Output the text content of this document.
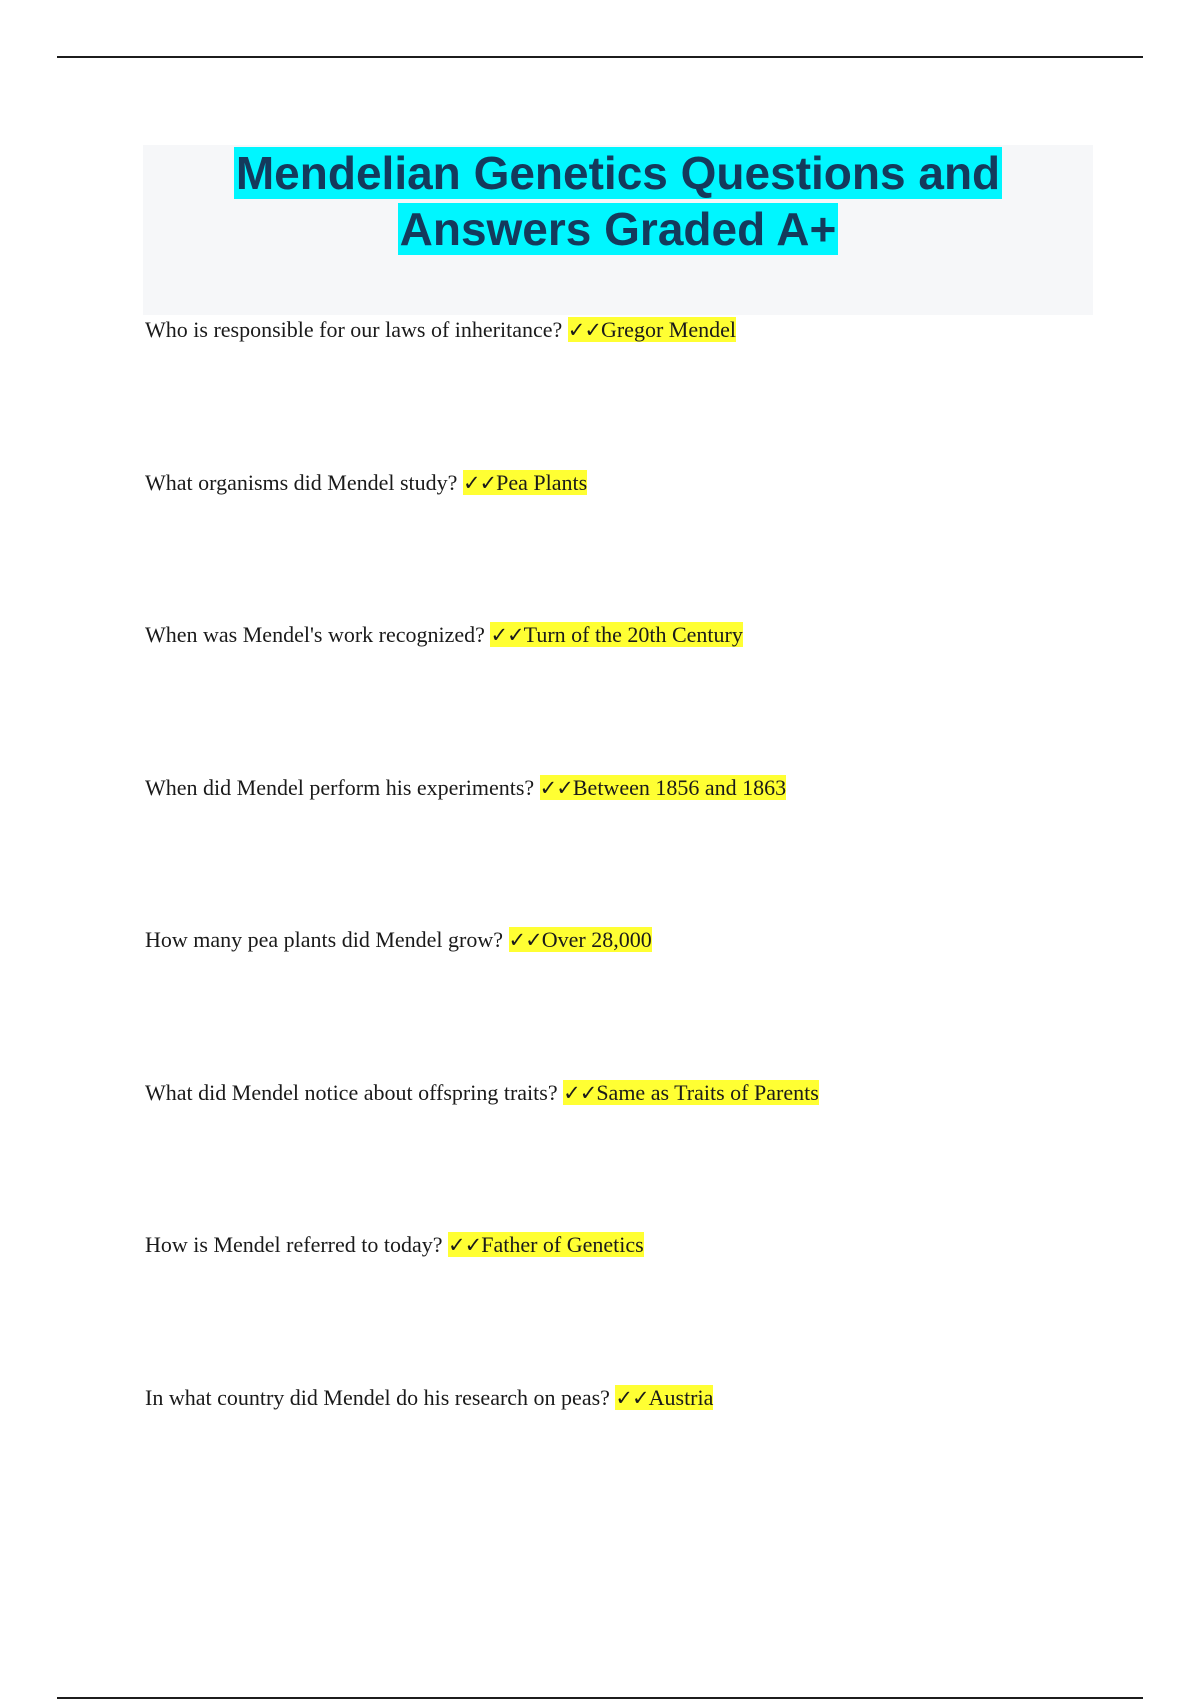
Mendelian Genetics Questions and Answers Graded A+
Who is responsible for our laws of inheritance? ✓✓Gregor Mendel
What organisms did Mendel study? ✓✓Pea Plants
When was Mendel's work recognized? ✓✓Turn of the 20th Century
When did Mendel perform his experiments? ✓✓Between 1856 and 1863
How many pea plants did Mendel grow? ✓✓Over 28,000
What did Mendel notice about offspring traits? ✓✓Same as Traits of Parents
How is Mendel referred to today? ✓✓Father of Genetics
In what country did Mendel do his research on peas? ✓✓Austria
